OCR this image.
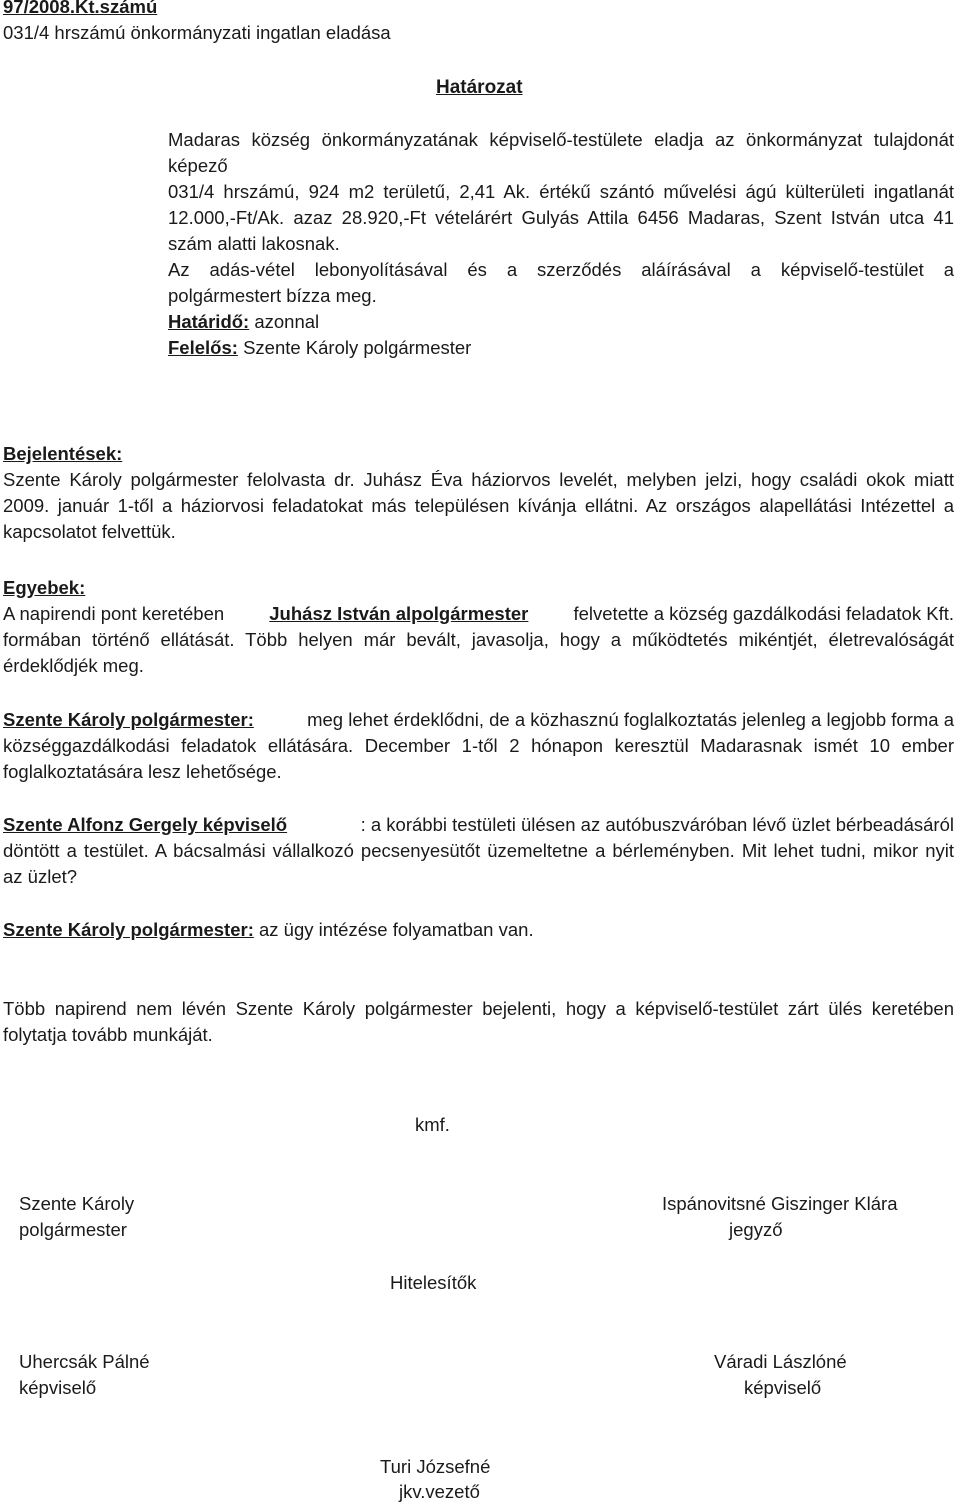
97/2008.Kt.számú
031/4 hrszámú önkormányzati ingatlan eladása
Határozat
Madaras község önkormányzatának képviselő-testülete eladja az önkormányzat tulajdonát
képező
031/4 hrszámú, 924 m2 területű, 2,41 Ak. értékű szántó művelési ágú külterületi ingatlanát
12.000,-Ft/Ak. azaz 28.920,-Ft vételárért Gulyás Attila 6456 Madaras, Szent István utca 41
szám alatti lakosnak.
Az adás-vétel lebonyolításával és a szerződés aláírásával a képviselő-testület a
polgármestert bízza meg.
Határidő: azonnal
Felelős: Szente Károly polgármester
Bejelentések:
Szente Károly polgármester felolvasta dr. Juhász Éva háziorvos levelét, melyben jelzi, hogy családi okok miatt
2009. január 1-től a háziorvosi feladatokat más településen kívánja ellátni. Az országos alapellátási Intézettel a
kapcsolatot felvettük.
Egyebek:
A napirendi pont keretében Juhász István alpolgármester felvetette a község gazdálkodási feladatok Kft.
formában történő ellátását. Több helyen már bevált, javasolja, hogy a működtetés mikéntjét, életrevalóságát
érdeklődjék meg.
Szente Károly polgármester:	meg lehet érdeklődni, de a közhasznú foglalkoztatás jelenleg a legjobb forma a
községgazdálkodási feladatok ellátására. December 1-től 2 hónapon keresztül Madarasnak ismét 10 ember
foglalkoztatására lesz lehetősége.
Szente Alfonz Gergely képviselő	: a korábbi testületi ülésen az autóbuszváróban lévő üzlet bérbeadásáról
döntött a testület. A bácsalmási vállalkozó pecsenyesütőt üzemeltetne a bérleményben. Mit lehet tudni, mikor nyit
az üzlet?
Szente Károly polgármester: az ügy intézése folyamatban van.
Több napirend nem lévén Szente Károly polgármester bejelenti, hogy a képviselő-testület zárt ülés keretében
folytatja tovább munkáját.
kmf.
Szente Károly
polgármester
Ispánovitsné Giszinger Klára
jegyző
Hitelesítők
Uhercsák Pálné
képviselő
Váradi Lászlóné
képviselő
Turi Józsefné
jkv.vezető
